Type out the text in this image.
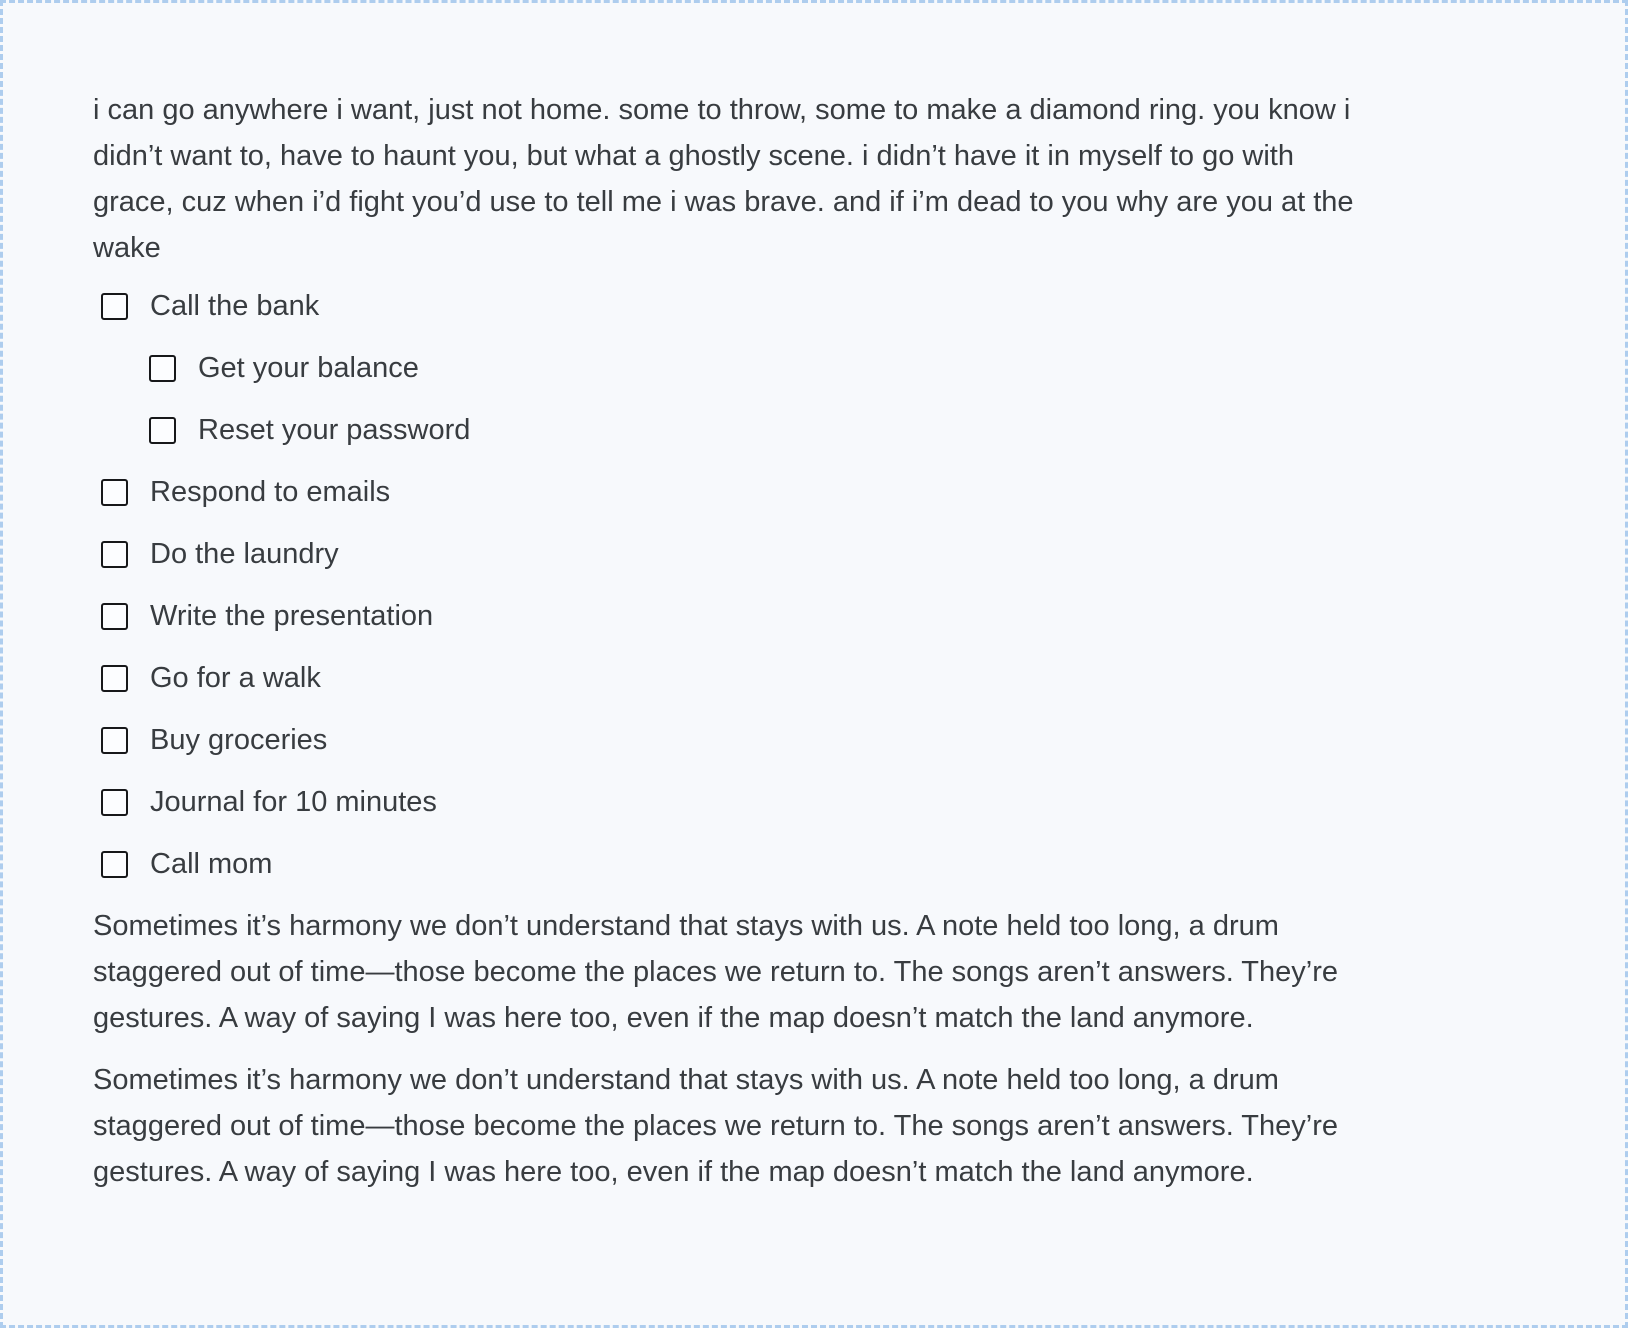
i can go anywhere i want, just not home. some to throw, some to make a diamond ring. you know i
didn’t want to, have to haunt you, but what a ghostly scene. i didn’t have it in myself to go with
grace, cuz when i’d fight you’d use to tell me i was brave. and if i’m dead to you why are you at the
wake
Call the bank
Get your balance
Reset your password
Respond to emails
Do the laundry
Write the presentation
Go for a walk
Buy groceries
Journal for 10 minutes
Call mom
Sometimes it’s harmony we don’t understand that stays with us. A note held too long, a drum
staggered out of time—those become the places we return to. The songs aren’t answers. They’re
gestures. A way of saying I was here too, even if the map doesn’t match the land anymore.
Sometimes it’s harmony we don’t understand that stays with us. A note held too long, a drum
staggered out of time—those become the places we return to. The songs aren’t answers. They’re
gestures. A way of saying I was here too, even if the map doesn’t match the land anymore.
